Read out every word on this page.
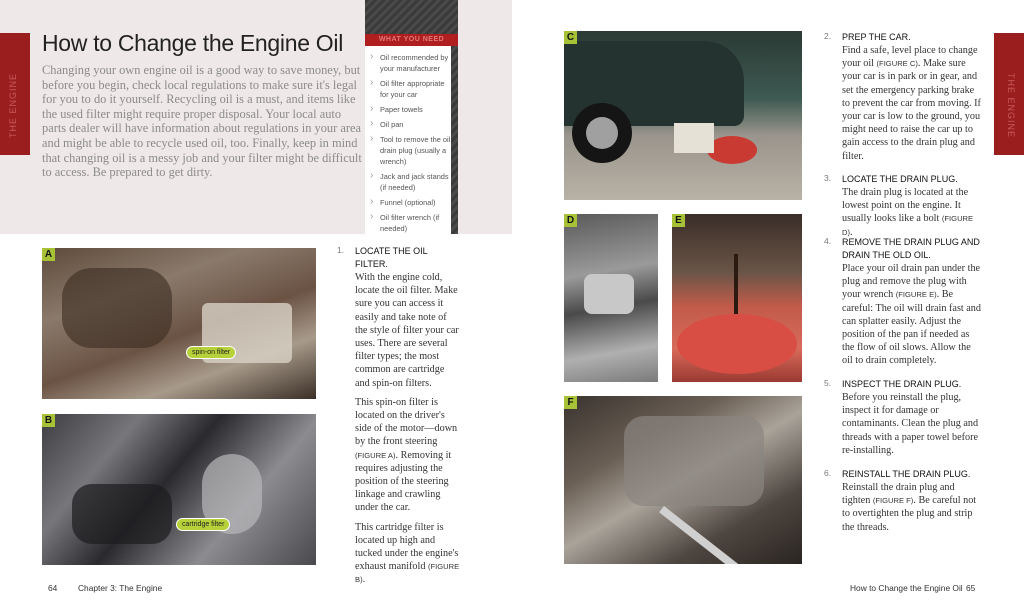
THE ENGINE
How to Change the Engine Oil
Changing your own engine oil is a good way to save money, but before you begin, check local regulations to make sure it's legal for you to do it yourself. Recycling oil is a must, and items like the used filter might require proper disposal. Your local auto parts dealer will have information about regulations in your area and might be able to recycle used oil, too. Finally, keep in mind that changing oil is a messy job and your filter might be difficult to access. Be prepared to get dirty.
WHAT YOU NEED
› Oil recommended by your manufacturer
› Oil filter appropriate for your car
› Paper towels
› Oil pan
› Tool to remove the oil drain plug (usually a wrench)
› Jack and jack stands (if needed)
› Funnel (optional)
› Oil filter wrench (if needed)
spin-on filter
A
cartridge filter
B
1. LOCATE THE OIL FILTER.

With the engine cold, locate the oil filter. Make sure you can access it easily and take note of the style of filter your car uses. There are several filter types; the most common are cartridge and spin-on filters.

This spin-on filter is located on the driver's side of the motor—down by the front steering (FIGURE A). Removing it requires adjusting the position of the steering linkage and crawling under the car.

This cartridge filter is located up high and tucked under the engine's exhaust manifold (FIGURE B).

64 Chapter 3: The Engine
THE ENGINE
C
D	E
F
2. PREP THE CAR.

Find a safe, level place to change your oil (FIGURE C). Make sure your car is in park or in gear, and set the emergency parking brake to prevent the car from moving. If your car is low to the ground, you might need to raise the car up to gain access to the drain plug and filter.

3. LOCATE THE DRAIN PLUG.

The drain plug is located at the lowest point on the engine. It usually looks like a bolt (FIGURE D).

4. REMOVE THE DRAIN PLUG AND DRAIN THE OLD OIL.

Place your oil drain pan under the plug and remove the plug with your wrench (FIGURE E). Be careful: The oil will drain fast and can splatter easily. Adjust the position of the pan if needed as the flow of oil slows. Allow the oil to drain completely.

5. INSPECT THE DRAIN PLUG.

Before you reinstall the plug, inspect it for damage or contaminants. Clean the plug and threads with a paper towel before re-installing.

6. REINSTALL THE DRAIN PLUG.

Reinstall the drain plug and tighten (FIGURE F). Be careful not to overtighten the plug and strip the threads.

How to Change the Engine Oil 65
